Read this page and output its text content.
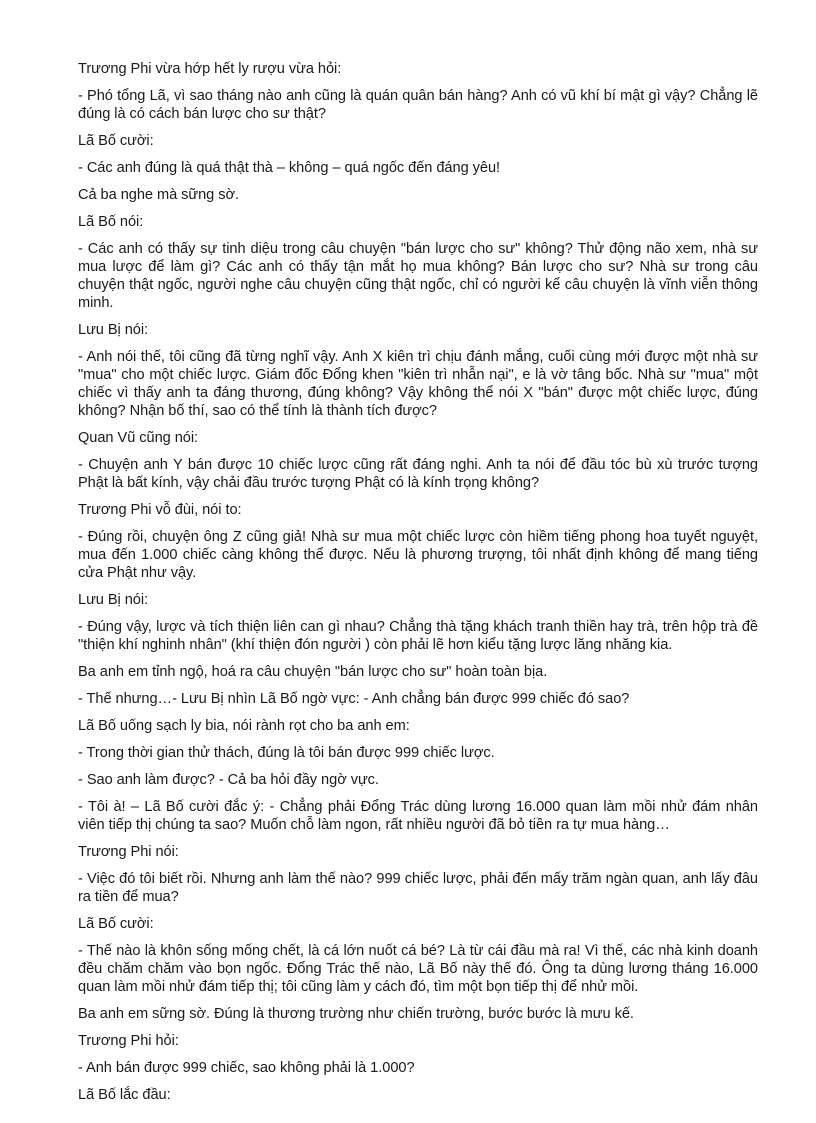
Trương Phi vừa hớp hết ly rượu vừa hỏi:

- Phó tổng Lã, vì sao tháng nào anh cũng là quán quân bán hàng? Anh có vũ khí bí mật gì vậy? Chẳng lẽ đúng là có cách bán lược cho sư thật?

Lã Bố cười:

- Các anh đúng là quá thật thà – không – quá ngốc đến đáng yêu!

Cả ba nghe mà sững sờ.

Lã Bố nói:

- Các anh có thấy sự tinh diệu trong câu chuyện "bán lược cho sư" không? Thử động não xem, nhà sư mua lược để làm gì? Các anh có thấy tận mắt họ mua không? Bán lược cho sư? Nhà sư trong câu chuyện thật ngốc, người nghe câu chuyện cũng thật ngốc, chỉ có người kể câu chuyện là vĩnh viễn thông minh.

Lưu Bị nói:

- Anh nói thế, tôi cũng đã từng nghĩ vậy. Anh X kiên trì chịu đánh mắng, cuối cùng mới được một nhà sư "mua" cho một chiếc lược. Giám đốc Đổng khen "kiên trì nhẫn nại", e là vờ tâng bốc. Nhà sư "mua" một chiếc vì thấy anh ta đáng thương, đúng không? Vậy không thể nói X "bán" được một chiếc lược, đúng không? Nhận bố thí, sao có thể tính là thành tích được?

Quan Vũ cũng nói:

- Chuyện anh Y bán được 10 chiếc lược cũng rất đáng nghi. Anh ta nói để đầu tóc bù xù trước tượng Phật là bất kính, vậy chải đầu trước tượng Phật có là kính trọng không?

Trương Phi vỗ đùi, nói to:

- Đúng rồi, chuyện ông Z cũng giả! Nhà sư mua một chiếc lược còn hiềm tiếng phong hoa tuyết nguyệt, mua đến 1.000 chiếc càng không thể được. Nếu là phương trượng, tôi nhất định không để mang tiếng cửa Phật như vậy.

Lưu Bị nói:

- Đúng vậy, lược và tích thiện liên can gì nhau? Chẳng thà tặng khách tranh thiền hay trà, trên hộp trà đề "thiện khí nghinh nhân" (khí thiện đón người ) còn phải lẽ hơn kiểu tặng lược lăng nhăng kia.

Ba anh em tỉnh ngộ, hoá ra câu chuyện "bán lược cho sư" hoàn toàn bịa.

- Thế nhưng…- Lưu Bị nhìn Lã Bố ngờ vực: - Anh chẳng bán được 999 chiếc đó sao?

Lã Bố uống sạch ly bia, nói rành rọt cho ba anh em:

- Trong thời gian thử thách, đúng là tôi bán được 999 chiếc lược.

- Sao anh làm được? - Cả ba hỏi đầy ngờ vực.

- Tôi à! – Lã Bố cười đắc ý: - Chẳng phải Đổng Trác dùng lương 16.000 quan làm mồi nhử đám nhân viên tiếp thị chúng ta sao? Muốn chỗ làm ngon, rất nhiều người đã bỏ tiền ra tự mua hàng…

Trương Phi nói:

- Việc đó tôi biết rồi. Nhưng anh làm thế nào? 999 chiếc lược, phải đến mấy trăm ngàn quan, anh lấy đâu ra tiền để mua?

Lã Bố cười:

- Thế nào là khôn sống mống chết, là cá lớn nuốt cá bé? Là từ cái đầu mà ra! Vì thế, các nhà kinh doanh đều chăm chăm vào bọn ngốc. Đổng Trác thế nào, Lã Bố này thế đó. Ông ta dùng lương tháng 16.000 quan làm mồi nhử đám tiếp thị; tôi cũng làm y cách đó, tìm một bọn tiếp thị để nhử mồi.

Ba anh em sững sờ. Đúng là thương trường như chiến trường, bước bước là mưu kế.

Trương Phi hỏi:

- Anh bán được 999 chiếc, sao không phải là 1.000?

Lã Bố lắc đầu:
